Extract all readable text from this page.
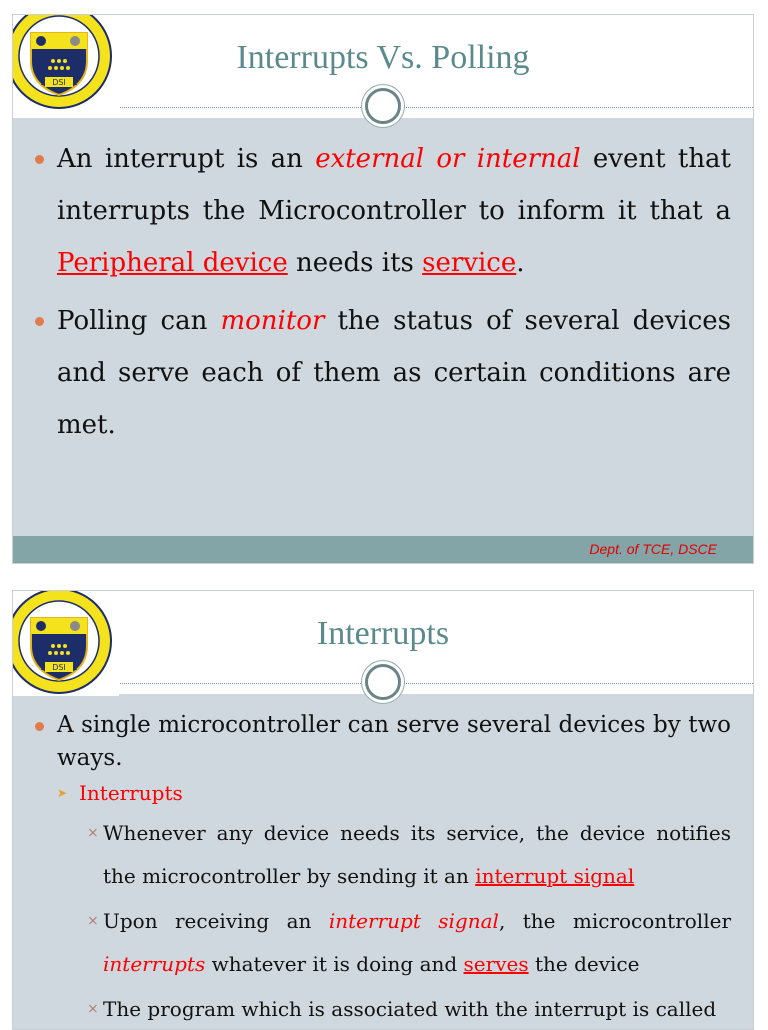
Interrupts Vs. Polling
DSI
An interrupt is an external or internal event that interrupts the Microcontroller to inform it that a Peripheral device needs its service.
Polling can monitor the status of several devices and serve each of them as certain conditions are met.
Dept. of TCE, DSCE
Interrupts
DSI
A single microcontroller can serve several devices by two ways.
➤ Interrupts
× Whenever any device needs its service, the device notifies the microcontroller by sending it an interrupt signal
× Upon receiving an interrupt signal, the microcontroller interrupts whatever it is doing and serves the device
× The program which is associated with the interrupt is called
